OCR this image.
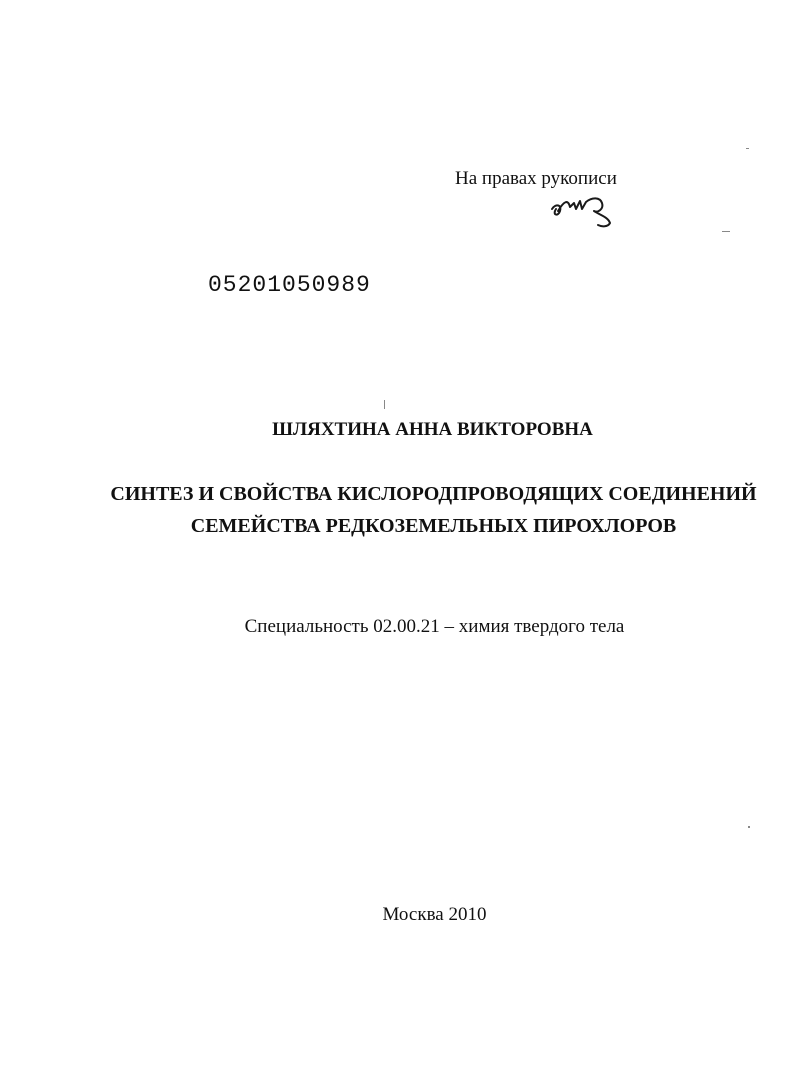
На правах рукописи
05201050989
ШЛЯХТИНА АННА ВИКТОРОВНА
СИНТЕЗ И СВОЙСТВА КИСЛОРОДПРОВОДЯЩИХ СОЕДИНЕНИЙ
СЕМЕЙСТВА РЕДКОЗЕМЕЛЬНЫХ ПИРОХЛОРОВ
Специальность 02.00.21 – химия твердого тела
Москва 2010
